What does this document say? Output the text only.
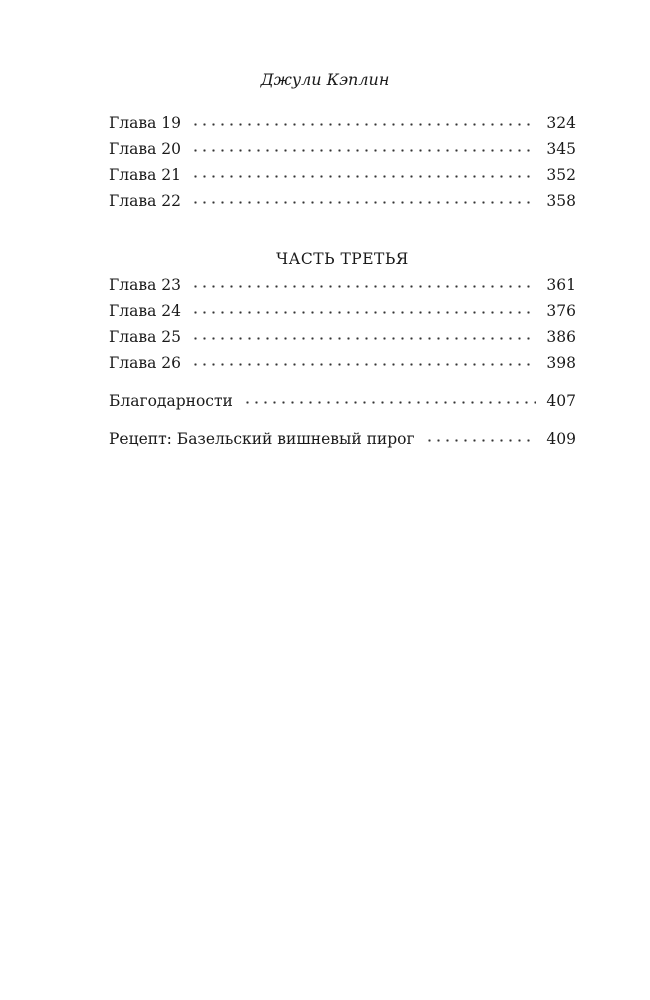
Джули Кэплин
Глава 19	324
Глава 20	345
Глава 21	352
Глава 22	358
ЧАСТЬ ТРЕТЬЯ
Глава 23	361
Глава 24	376
Глава 25	386
Глава 26	398
Благодарности	407
Рецепт: Базельский вишневый пирог	409
